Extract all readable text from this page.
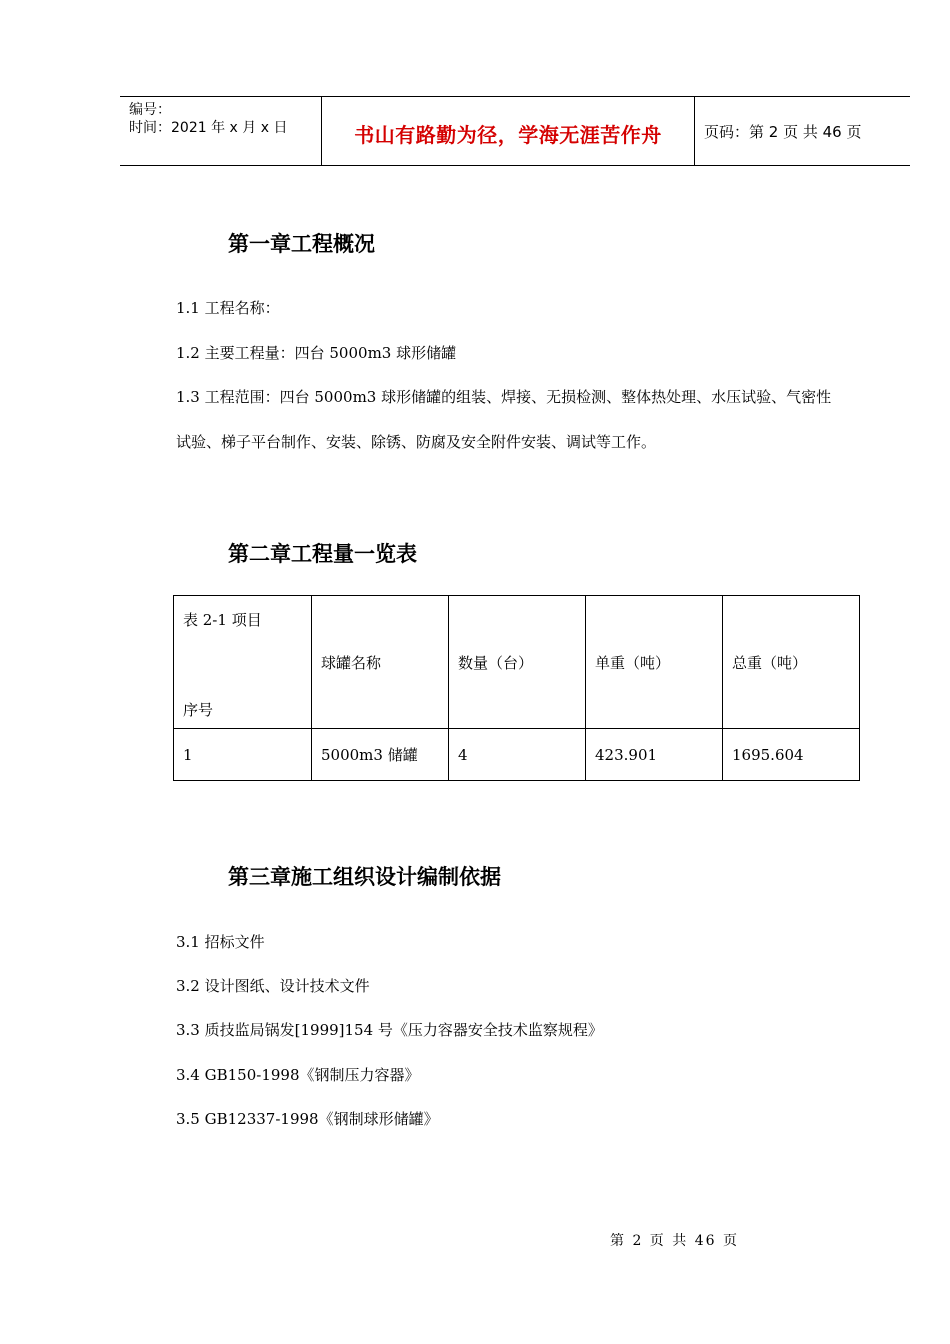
编号：
时间：2021 年 x 月 x 日	书山有路勤为径，学海无涯苦作舟	页码：第 2 页 共 46 页
第一章工程概况
1.1 工程名称：
1.2 主要工程量：四台 5000m3 球形储罐
1.3 工程范围：四台 5000m3 球形储罐的组装、焊接、无损检测、整体热处理、水压试验、气密性
试验、梯子平台制作、安装、除锈、防腐及安全附件安装、调试等工作。
第二章工程量一览表
表 2-1 项目
序号	球罐名称	数量（台）	单重（吨）	总重（吨）
1	5000m3 储罐	4	423.901	1695.604
第三章施工组织设计编制依据
3.1 招标文件
3.2 设计图纸、设计技术文件
3.3 质技监局锅发[1999]154 号《压力容器安全技术监察规程》
3.4 GB150-1998《钢制压力容器》
3.5 GB12337-1998《钢制球形储罐》
第 2 页 共 46 页
